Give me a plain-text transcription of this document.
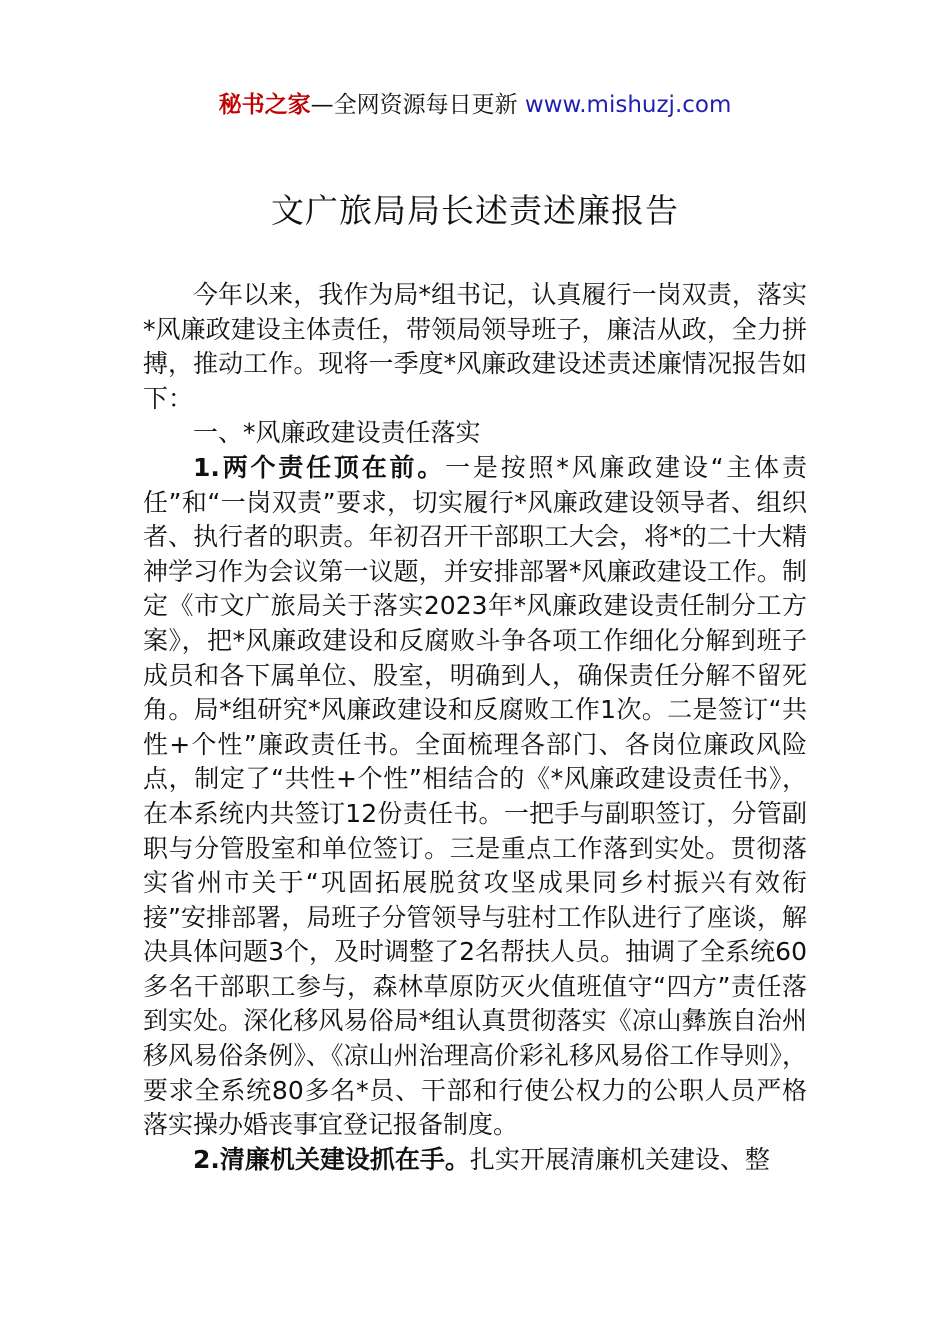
秘书之家—全网资源每日更新 www.mishuzj.com
文广旅局局长述责述廉报告

今年以来，我作为局*组书记，认真履行一岗双责，落实*风廉政建设主体责任，带领局领导班子，廉洁从政，全力拼搏，推动工作。现将一季度*风廉政建设述责述廉情况报告如下：

一、*风廉政建设责任落实

1.两个责任顶在前。一是按照*风廉政建设“主体责任”和“一岗双责”要求，切实履行*风廉政建设领导者、组织者、执行者的职责。年初召开干部职工大会，将*的二十大精神学习作为会议第一议题，并安排部署*风廉政建设工作。制定《市文广旅局关于落实2023年*风廉政建设责任制分工方案》，把*风廉政建设和反腐败斗争各项工作细化分解到班子成员和各下属单位、股室，明确到人，确保责任分解不留死角。局*组研究*风廉政建设和反腐败工作1次。二是签订“共性+个性”廉政责任书。全面梳理各部门、各岗位廉政风险点，制定了“共性+个性”相结合的《*风廉政建设责任书》，在本系统内共签订12份责任书。一把手与副职签订，分管副职与分管股室和单位签订。三是重点工作落到实处。贯彻落实省州市关于“巩固拓展脱贫攻坚成果同乡村振兴有效衔接”安排部署，局班子分管领导与驻村工作队进行了座谈，解决具体问题3个，及时调整了2名帮扶人员。抽调了全系统60多名干部职工参与，森林草原防灭火值班值守“四方”责任落到实处。深化移风易俗局*组认真贯彻落实《凉山彝族自治州移风易俗条例》、《凉山州治理高价彩礼移风易俗工作导则》，要求全系统80多名*员、干部和行使公权力的公职人员严格落实操办婚丧事宜登记报备制度。

2.清廉机关建设抓在手。扎实开展清廉机关建设、整
